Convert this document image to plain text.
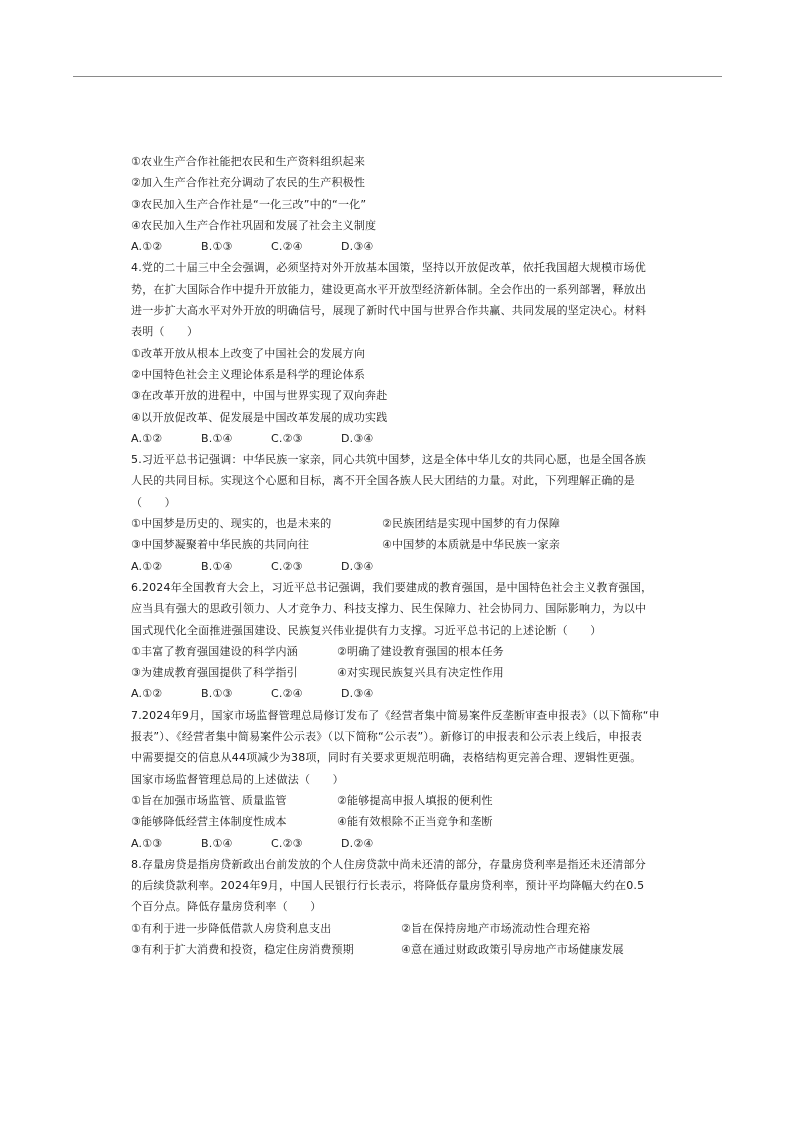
①农业生产合作社能把农民和生产资料组织起来
②加入生产合作社充分调动了农民的生产积极性
③农民加入生产合作社是“一化三改”中的“一化”
④农民加入生产合作社巩固和发展了社会主义制度
A.①②	B.①③	C.②④	D.③④
4.党的二十届三中全会强调，必须坚持对外开放基本国策，坚持以开放促改革，依托我国超大规模市场优
势，在扩大国际合作中提升开放能力，建设更高水平开放型经济新体制。全会作出的一系列部署，释放出
进一步扩大高水平对外开放的明确信号，展现了新时代中国与世界合作共赢、共同发展的坚定决心。材料
表明（　　）
①改革开放从根本上改变了中国社会的发展方向
②中国特色社会主义理论体系是科学的理论体系
③在改革开放的进程中，中国与世界实现了双向奔赴
④以开放促改革、促发展是中国改革发展的成功实践
A.①②	B.①④	C.②③	D.③④
5.习近平总书记强调：中华民族一家亲，同心共筑中国梦，这是全体中华儿女的共同心愿，也是全国各族
人民的共同目标。实现这个心愿和目标，离不开全国各族人民大团结的力量。对此，下列理解正确的是
（　　）
①中国梦是历史的、现实的，也是未来的	②民族团结是实现中国梦的有力保障
③中国梦凝聚着中华民族的共同向往	④中国梦的本质就是中华民族一家亲
A.①②	B.①④	C.②③	D.③④
6.2024年全国教育大会上，习近平总书记强调，我们要建成的教育强国，是中国特色社会主义教育强国，
应当具有强大的思政引领力、人才竞争力、科技支撑力、民生保障力、社会协同力、国际影响力，为以中
国式现代化全面推进强国建设、民族复兴伟业提供有力支撑。习近平总书记的上述论断（　　）
①丰富了教育强国建设的科学内涵	②明确了建设教育强国的根本任务
③为建成教育强国提供了科学指引	④对实现民族复兴具有决定性作用
A.①②	B.①③	C.②④	D.③④
7.2024年9月，国家市场监督管理总局修订发布了《经营者集中简易案件反垄断审查申报表》（以下简称“申
报表”）、《经营者集中简易案件公示表》（以下简称“公示表”）。新修订的申报表和公示表上线后，申报表
中需要提交的信息从44项减少为38项，同时有关要求更规范明确，表格结构更完善合理、逻辑性更强。
国家市场监督管理总局的上述做法（　　）
①旨在加强市场监管、质量监管	②能够提高申报人填报的便利性
③能够降低经营主体制度性成本	④能有效根除不正当竞争和垄断
A.①③	B.①④	C.②③	D.②④
8.存量房贷是指房贷新政出台前发放的个人住房贷款中尚未还清的部分，存量房贷利率是指还未还清部分
的后续贷款利率。2024年9月，中国人民银行行长表示，将降低存量房贷利率，预计平均降幅大约在0.5
个百分点。降低存量房贷利率（　　）
①有利于进一步降低借款人房贷利息支出	②旨在保持房地产市场流动性合理充裕
③有利于扩大消费和投资，稳定住房消费预期	④意在通过财政政策引导房地产市场健康发展
